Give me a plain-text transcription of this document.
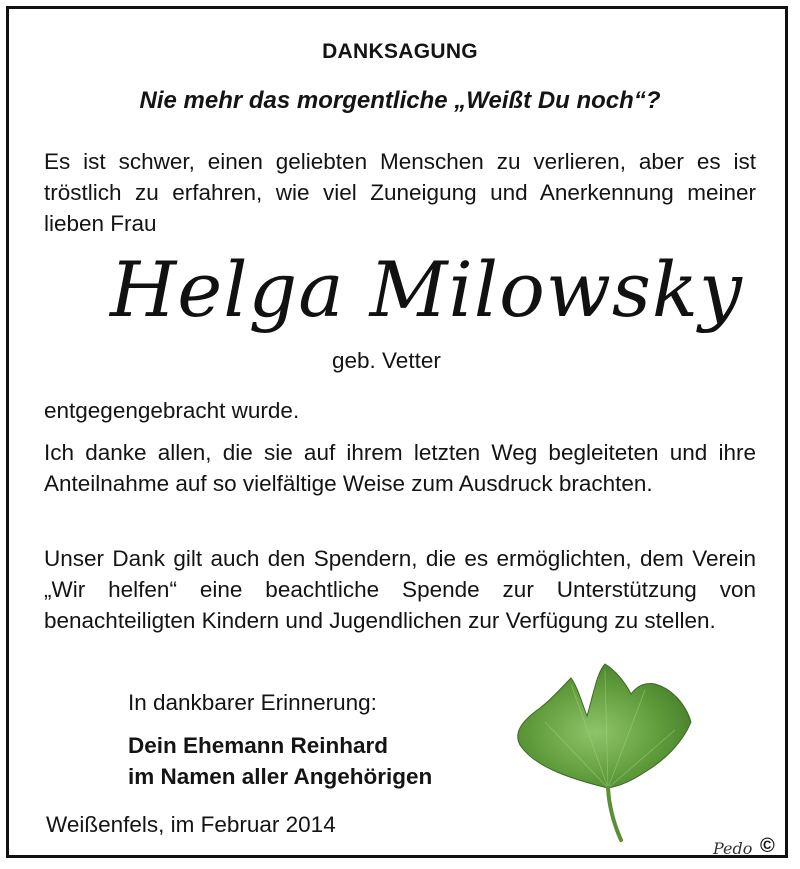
DANKSAGUNG

Nie mehr das morgentliche „Weißt Du noch“?

Es ist schwer, einen geliebten Menschen zu verlieren, aber es ist tröstlich zu erfahren, wie viel Zuneigung und Anerkennung meiner lieben Frau

Helga Milowsky

geb. Vetter

entgegengebracht wurde.

Ich danke allen, die sie auf ihrem letzten Weg begleiteten und ihre Anteilnahme auf so vielfältige Weise zum Ausdruck brachten.

Unser Dank gilt auch den Spendern, die es ermöglichten, dem Verein „Wir helfen“ eine beachtliche Spende zur Unterstützung von benachteiligten Kindern und Jugendlichen zur Verfügung zu stellen.

In dankbarer Erinnerung:

Dein Ehemann Reinhard

im Namen aller Angehörigen

Weißenfels, im Februar 2014

Pedo ©
